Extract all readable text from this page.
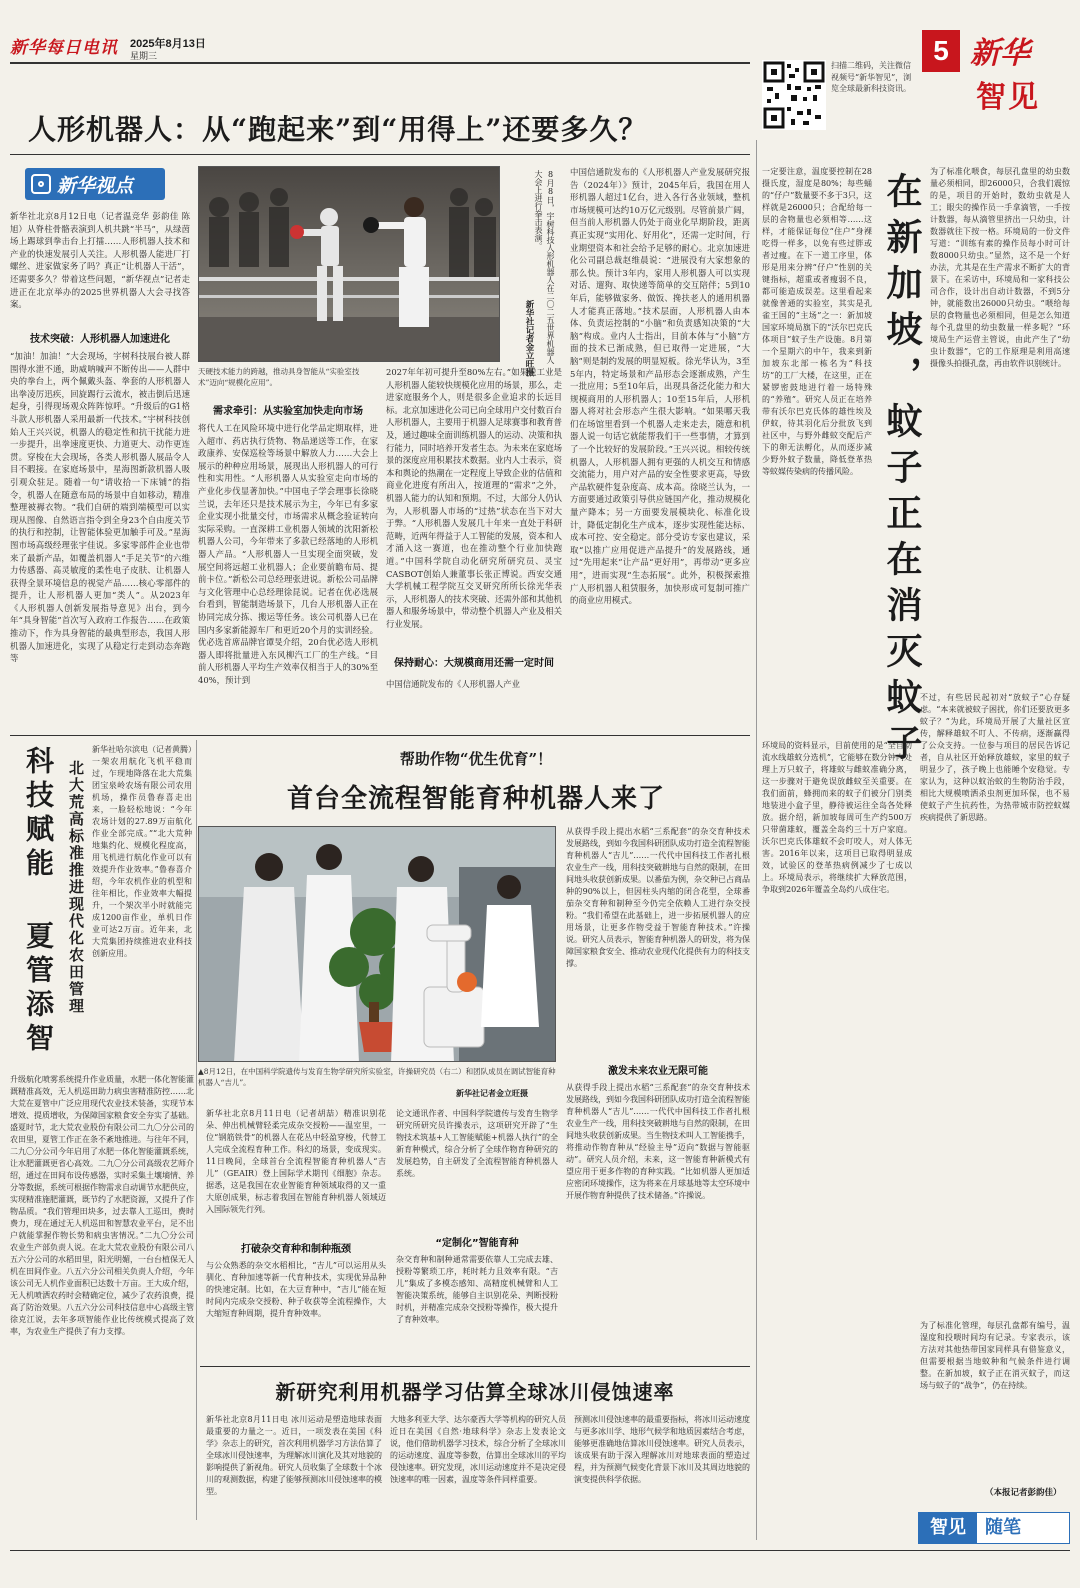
新华每日电讯 2025年8月13日
星期三
扫描二维码，关注微信视频号“新华智见”，浏览全球最新科技资讯。
5 新华
智见
人形机器人：从“跑起来”到“用得上”还要多久？
新华视点
新华社北京8月12日电（记者温竞华 彭韵佳 陈旭）从脊柱骨骼表演到人机共跳“半马”，从绿茵场上踢球到拳击台上打擂……人形机器人技术和产业的快速发展引人关注。人形机器人能进厂打螺丝、进家做家务了吗？真正“让机器人干活”，还需要多久？带着这些问题，“新华视点”记者走进正在北京举办的2025世界机器人大会寻找答案。
技术突破：人形机器人加速进化
“加油！加油！”大会现场，宇树科技展台被人群围得水泄不通，助威呐喊声不断传出——人群中央的拳台上，两个佩戴头盔、拳套的人形机器人出拳凌厉迅疾，回旋踢行云流水，被击倒后迅速起身，引得现场观众阵阵惊呼。“升级后的G1格斗款人形机器人采用最新一代技术。”宇树科技创始人王兴兴说，机器人的稳定性和抗干扰能力进一步提升，出拳速度更快、力道更大、动作更连贯。穿梭在大会现场，各类人形机器人展品令人目不暇接。在家庭场景中，星海图新款机器人吸引观众驻足。随着一句“请收拾一下床铺”的指令，机器人在随意布局的场景中自如移动，精准整理被褥衣物。“我们自研的端到端模型可以实现从图像、自然语言指令到全身23个自由度关节的执行和控制，让智能体验更加触手可及。”星海图市场高级经理张宇佳说。多家零部件企业也带来了最新产品，如覆盖机器人“手足关节”的六维力传感器、高灵敏度的柔性电子皮肤、让机器人获得全景环境信息的视觉产品……核心零部件的提升，让人形机器人更加“类人”。从2023年《人形机器人创新发展指导意见》出台，到今年“具身智能”首次写入政府工作报告……在政策推动下，作为具身智能的最典型形态，我国人形机器人加速进化，实现了从稳定行走到动态奔跑等
天硬技术能力的跨越，推动具身智能从“实验室技术”迈向“规模化应用”。
8月8日，宇树科技人形机器人在二〇二五世界机器人大会上进行拳击表演。
新华社记者金立旺摄
需求牵引：从实验室加快走向市场
将代人工在风险环境中进行化学品定期取样，进入超市、药店执行货物、物品递送等工作，在家政康养、安保巡检等场景中解放人力……大会上展示的种种应用场景，展现出人形机器人的可行性和实用性。“人形机器人从实验室走向市场的产业化步伐显著加快。”中国电子学会理事长徐晓兰说，去年还只是技术展示为主，今年已有多家企业实现小批量交付，市场需求从概念验证转向实际采购。一直深耕工业机器人领域的沈阳新松机器人公司，今年带来了多款已经落地的人形机器人产品。“人形机器人一旦实现全面突破，发展空间将远超工业机器人；企业要前瞻布局、提前卡位。”新松公司总经理张进说。新松公司品牌与文化管理中心总经理徐昆说。记者在优必选展台看到，智能制造场景下，几台人形机器人正在协同完成分拣、搬运等任务。该公司机器人已在国内多家新能源车厂和更近20个月的实训经验。优必选首席品牌官谭旻介绍，20台优必选人形机器人即将批量进入东风柳汽工厂的生产线。“目前人形机器人平均生产效率仅相当于人的30%至40%，预计到
2027年年初可提升至80%左右。”如果说工业是人形机器人能较快规模化应用的场景，那么，走进家庭服务个人，则是很多企业追求的长远目标。北京加速进化公司已向全球用户交付数百台人形机器人，主要用于机器人足球赛事和教育普及，通过趣味全面训练机器人的运动、决策和执行能力，同时培养开发者生态。为未来在家庭场景的深度应用积累技术数据。业内人士表示，资本和舆论的热潮在一定程度上导致企业的估值和商业化进度有所出入，按道理的“需求”之外，机器人能力的认知和预期。不过，大部分人仍认为，人形机器人市场的“过热”状态在当下对大于弊。“人形机器人发展几十年来一直处于科研范畴，近两年得益于人工智能的发展，资本和人才涌入这一赛道，也在推动整个行业加快跑道。”中国科学院自动化研究所研究员、灵宝CASBOT创始人兼董事长张正博说。西安交通大学机械工程学院互交叉研究所所长徐光华表示，人形机器人的技术突破、还需外部和其他机器人和服务场景中，带动整个机器人产业及相关行业发展。
保持耐心：大规模商用还需一定时间
中国信通院发布的《人形机器人产业
中国信通院发布的《人形机器人产业发展研究报告（2024年）》预计，2045年后，我国在用人形机器人超过1亿台，进入各行各业领域，整机市场规模可达约10万亿元级别。尽管前景广阔，但当前人形机器人仍处于商业化早期阶段，距离真正实现“实用化、好用化”，还需一定时间，行业期望资本和社会给予足够的耐心。北京加速进化公司副总裁赵维晨说：“进展没有大家想象的那么快。预计3年内，家用人形机器人可以实现对话、遛狗、取快递等简单的交互陪伴；5到10年后，能够做家务、做饭、搀扶老人的通用机器人才能真正落地。”技术层面，人形机器人由本体、负责运控制的“小脑”和负责感知决策的“大脑”构成。业内人士指出，目前本体与“小脑”方面的技术已渐成熟，但已取得一定进展，“大脑”则是制约发展的明显短板。徐光华认为，3至5年内，特定场景和产品形态会逐渐成熟，产生一批应用；5至10年后，出现具备泛化能力和大规模商用的人形机器人；10至15年后，人形机器人将对社会形态产生很大影响。“如果哪天我们在场馆里看到一个机器人走来走去，随意和机器人说一句话它就能帮我们干一些事情，才算到了一个比较好的发展阶段。”王兴兴说。相较传统机器人，人形机器人拥有更强的人机交互和情感交流能力，用户对产品的安全性要求更高，导致产品软硬件复杂度高、成本高。徐晓兰认为，一方面要通过政策引导供应链国产化，推动规模化量产降本；另一方面要发展模块化、标准化设计，降低定制化生产成本，逐步实现性能达标、成本可控、安全稳定。部分受访专家也建议，采取“以推广应用促进产品提升”的发展路线，通过“先用起来”让产品“更好用”，再带动“更多应用”，进而实现“生态拓展”。此外，积极探索推广人形机器人租赁服务，加快形成可复制可推广的商业应用模式。	在新加坡，蚊子正在消灭蚊子
一定要注意，温度要控制在28摄氏度，湿度是80%；每些蛹的“仔户”数量要不多于3只，这样就是26000只；合配给每一层的舍物量也必须相等……这样，才能保证每位“住户”身裸吃得一样多，以免有些过胖或者过瘦。在下一道工序里，体形是用来分辨“仔户”性别的关键指标，超重或者瘦弱不良，都可能造成误差。这里看起来就像普通的实验室，其实是孔雀王国的“主场”之一：新加坡国家环境局旗下的“沃尔巴克氏体项目”蚊子生产设施。8月第一个星期六的中午，我来到新加坡东北部一栋名为“科技坊”的工厂大楼，在这里，正在紧锣密鼓地进行着一场特殊的“养殖”。研究人员正在培养带有沃尔巴克氏体的雄性埃及伊蚊，待其羽化后分批放飞到社区中，与野外雌蚊交配后产下的卵无法孵化，从而逐步减少野外蚊子数量，降低登革热等蚊媒传染病的传播风险。
为了标准化喂食，每层孔盘里的幼虫数量必须相同，即26000只，合我们震惊的是，项目的开始时，数幼虫就是人工；眼尖的操作员一手拿滴管，一手按计数器，每从滴管里挤出一只幼虫，计数器就往下按一格。环境局的一份文件写道：“训练有素的操作员每小时可计数8000只幼虫。”显然，这不是一个好办法，尤其是在生产需求不断扩大的背景下。在采访中，环境局和一家科技公司合作，设计出自动计数器，不到5分钟，就能数出26000只幼虫。“喂给每层的食物量也必须相同，但是怎么知道每个孔盘里的幼虫数量一样多呢？”环境局生产运营主管说，由此产生了“幼虫计数器”，它的工作原理是利用高速摄像头拍摄孔盘，再由软件识别统计。
环境局的资料显示，目前使用的是“全自动流水线雄蚊分选机”，它能够在数分钟内处理上万只蚊子，将雄蚊与雌蚊准确分离，这一步骤对于避免误放雌蚊至关重要。在我们面前，蜂拥而来的蚊子们被分门别类地装进小盒子里，静待被运往全岛各处释放。据介绍，新加坡每周可生产约500万只带菌雄蚊，覆盖全岛约三十万户家庭。沃尔巴克氏体雄蚊不会叮咬人，对人体无害。2016年以来，这项目已取得明显成效，试验区的登革热病例减少了七成以上。环境局表示，将继续扩大释放范围，争取到2026年覆盖全岛约八成住宅。
不过，有些居民起初对“放蚊子”心存疑虑。“本来就被蚊子困扰，你们还要放更多蚊子？”为此，环境局开展了大量社区宣传，解释雄蚊不叮人、不传病，逐渐赢得了公众支持。一位参与项目的居民告诉记者，自从社区开始释放雄蚊，家里的蚊子明显少了，孩子晚上也能睡个安稳觉。专家认为，这种以蚊治蚊的生物防治手段，相比大规模喷洒杀虫剂更加环保，也不易使蚊子产生抗药性，为热带城市防控蚊媒疾病提供了新思路。
为了标准化管理，每层孔盘都有编号，温湿度和投喂时间均有记录。专家表示，该方法对其他热带国家同样具有借鉴意义，但需要根据当地蚊种和气候条件进行调整。在新加坡，蚊子正在消灭蚊子，而这场与蚊子的“战争”，仍在持续。
（本报记者彭韵佳）
智见	随笔
科技赋能 夏管添智 北大荒高标准推进现代化农田管理
新华社哈尔滨电（记者黄腾）一架农用航化飞机平稳而过，乍现地降落在北大荒集团宝泉岭农场有限公司农用机场，操作员鲁春喜走出来，一脸轻松地说：“今年农场计划的27.89万亩航化作业全部完成。”“北大荒种地集约化、规模化程度高，用飞机进行航化作业可以有效提升作业效率。”鲁春喜介绍，今年农机作业的机型和往年相比，作业效率大幅提升，一个架次半小时就能完成1200亩作业，单机日作业可达2万亩。近年来，北大荒集团持续推进农业科技创新应用。
升级航化喷雾系统提升作业质量，水肥一体化智能灌溉精准高效，无人机巡田助力病虫害精准防控……北大荒在夏管中广泛应用现代农业技术装备，实现节本增效、提质增收，为保障国家粮食安全夯实了基础。盛夏时节，北大荒农业股份有限公司二九〇分公司的农田里，夏管工作正在条不紊地推进。与往年不同，二九〇分公司今年启用了水肥一体化智能灌溉系统，让水肥灌溉更省心高效。二九〇分公司高级农艺师介绍，通过在田间布设传感器，实时采集土壤墒情、养分等数据，系统可根据作物需求自动调节水肥供应，实现精准施肥灌溉，既节约了水肥资源，又提升了作物品质。“我们管理田块多，过去靠人工巡田，费时费力，现在通过无人机巡田和智慧农业平台，足不出户就能掌握作物长势和病虫害情况。”二九〇分公司农业生产部负责人说。在北大荒农业股份有限公司八五六分公司的水稻田里，阳光明媚，一台台植保无人机在田间作业。八五六分公司相关负责人介绍，今年该公司无人机作业面积已达数十万亩。王大成介绍，无人机喷洒农药时会精确定位，减少了农药浪费，提高了防治效果。八五六分公司科技信息中心高级主管徐克江说，去年多项智能作业比传统模式提高了效率，为农业生产提供了有力支撑。
帮助作物“优生优育”！
首台全流程智能育种机器人来了
▲8月12日，在中国科学院遗传与发育生物学研究所实验室，许操研究员（右二）和团队成员在调试智能育种机器人“吉儿”。
新华社记者金立旺摄
从获得手段上提出水稻“三系配套”的杂交育种技术发展路线，到如今我国科研团队成功打造全流程智能育种机器人“吉儿”……一代代中国科技工作者扎根农业生产一线，用科技突破耕地与自然的限制，在田间地头收获创新成果。以番茄为例，杂交种已占商品种的90%以上，但因柱头内缩的闭合花型，全球番茄杂交育种和制种至今仍完全依赖人工进行杂交授粉。“我们希望在此基础上，进一步拓展机器人的应用场景，让更多作物受益于智能育种技术。”许操说。研究人员表示，智能育种机器人的研发，将为保障国家粮食安全、推动农业现代化提供有力的科技支撑。
激发未来农业无限可能
从获得手段上提出水稻“三系配套”的杂交育种技术发展路线，到如今我国科研团队成功打造全流程智能育种机器人“吉儿”……一代代中国科技工作者扎根农业生产一线，用科技突破耕地与自然的限制，在田间地头收获创新成果。当生物技术叫人工智能携手，将推动作物育种从“经验主导”迈向“数据与智能驱动”。研究人员介绍，未来，这一智能育种新模式有望应用于更多作物的育种实践。“比如机器人更加适应密闭环境操作，这为将来在月球基地等太空环境中开展作物育种提供了技术储备。”许操说。
新华社北京8月11日电（记者胡喆）精准识别花朵、伸出机械臂轻柔完成杂交授粉——温室里，一位“钢筋铁骨”的机器人在花丛中轻盈穿梭，代替工人完成全流程育种工作。科幻的场景，变成现实。11日晚间，全球首台全流程智能育种机器人“吉儿”（GEAIR）登上国际学术期刊《细胞》杂志。据悉，这是我国在农业智能育种领域取得的又一重大原创成果，标志着我国在智能育种机器人领域迈入国际领先行列。
打破杂交育种和制种瓶颈
与公众熟悉的杂交水稻相比，“吉儿”可以运用从头驯化、育种加速等新一代育种技术，实现优异品种的快速定制。比如，在大豆育种中，“吉儿”能在短时间内完成杂交授粉、种子收获等全流程操作，大大缩短育种周期，提升育种效率。
论文通讯作者、中国科学院遗传与发育生物学研究所研究员许操表示，这项研究开辟了“生物技术筑基+人工智能赋能+机器人执行”的全新育种模式，综合分析了全球作物育种研究的发展趋势，自主研发了全流程智能育种机器人系统。
“定制化”智能育种
杂交育种和制种通常需要依靠人工完成去雄、授粉等繁琐工序，耗时耗力且效率有限。“吉儿”集成了多模态感知、高精度机械臂和人工智能决策系统，能够自主识别花朵、判断授粉时机，并精准完成杂交授粉等操作，极大提升了育种效率。
新研究利用机器学习估算全球冰川侵蚀速率
新华社北京8月11日电 冰川运动是塑造地球表面最重要的力量之一。近日，一项发表在美国《科学》杂志上的研究，首次利用机器学习方法估算了全球冰川侵蚀速率，为理解冰川演化及其对地貌的影响提供了新视角。研究人员收集了全球数十个冰川的观测数据，构建了能够预测冰川侵蚀速率的模型。
大地多利亚大学、达尔豪西大学等机构的研究人员近日在美国《自然·地球科学》杂志上发表论文说，他们借助机器学习技术，综合分析了全球冰川的运动速度、温度等参数，估算出全球冰川的平均侵蚀速率。研究发现，冰川运动速度并不是决定侵蚀速率的唯一因素，温度等条件同样重要。
预测冰川侵蚀速率的最重要指标，将冰川运动速度与更多冰川学、地形气候学和地质因素结合考虑，能够更准确地估算冰川侵蚀速率。研究人员表示，该成果有助于深入理解冰川对地球表面的塑造过程，并为预测气候变化背景下冰川及其周边地貌的演变提供科学依据。
